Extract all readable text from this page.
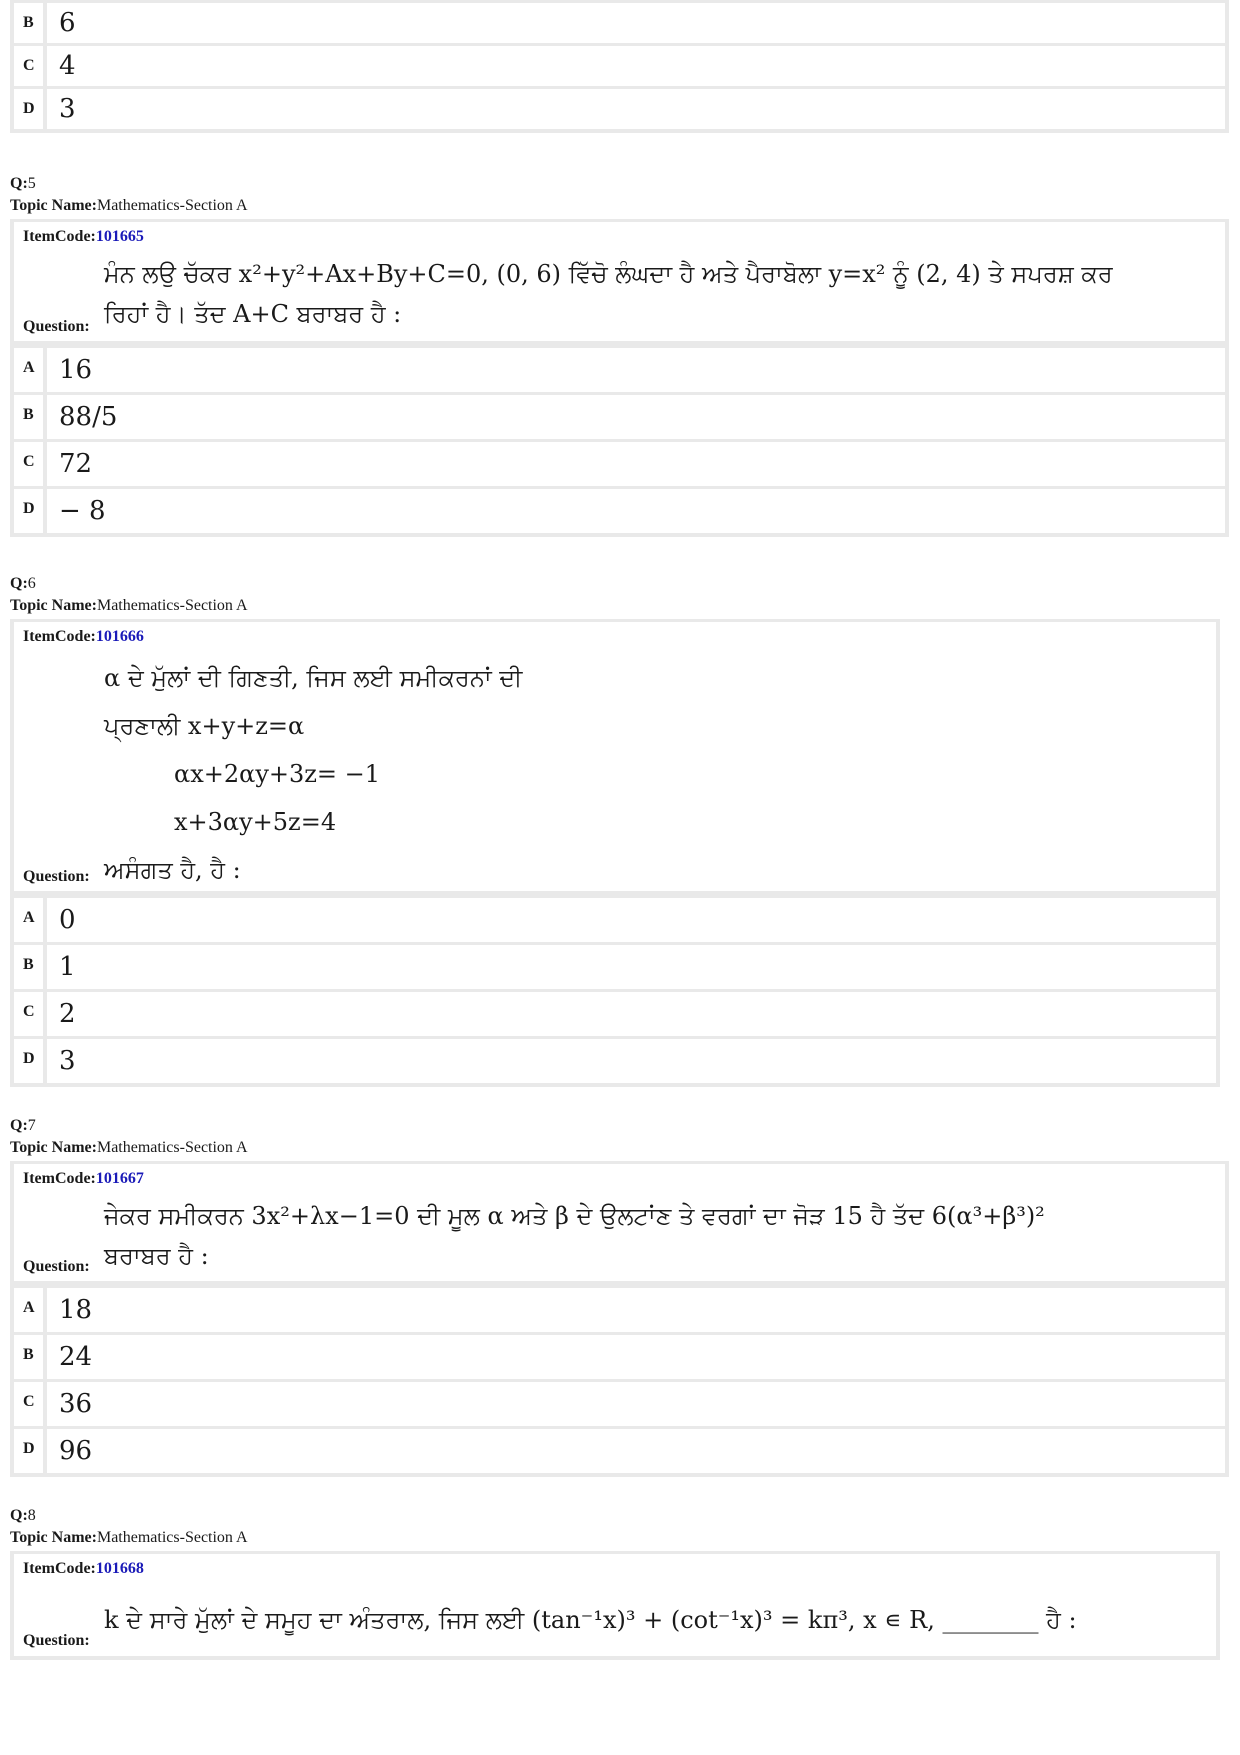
B 6
C 4
D 3
Q:5
Topic Name:Mathematics-Section A
ItemCode:101665
ਮੰਨ ਲਉ ਚੱਕਰ x²+y²+Ax+By+C=0, (0, 6) ਵਿੱਚੋ ਲੰਘਦਾ ਹੈ ਅਤੇ ਪੈਰਾਬੋਲਾ y=x² ਨੂੰ (2, 4) ਤੇ ਸਪਰਸ਼ ਕਰ
ਰਿਹਾਂ ਹੈ। ਤੱਦ A+C ਬਰਾਬਰ ਹੈ :
Question:
A 16
B 88/5
C 72
D − 8
Q:6
Topic Name:Mathematics-Section A
ItemCode:101666
α ਦੇ ਮੁੱਲਾਂ ਦੀ ਗਿਣਤੀ, ਜਿਸ ਲਈ ਸਮੀਕਰਨਾਂ ਦੀ
ਪ੍ਰਣਾਲੀ x+y+z=α
αx+2αy+3z= −1
x+3αy+5z=4
ਅਸੰਗਤ ਹੈ, ਹੈ :
Question:
A 0
B 1
C 2
D 3
Q:7
Topic Name:Mathematics-Section A
ItemCode:101667
ਜੇਕਰ ਸਮੀਕਰਨ 3x²+λx−1=0 ਦੀ ਮੂਲ α ਅਤੇ β ਦੇ ਉਲਟਾਂਣ ਤੇ ਵਰਗਾਂ ਦਾ ਜੋੜ 15 ਹੈ ਤੱਦ 6(α³+β³)²
ਬਰਾਬਰ ਹੈ :
Question:
A 18
B 24
C 36
D 96
Q:8
Topic Name:Mathematics-Section A
ItemCode:101668
k ਦੇ ਸਾਰੇ ਮੁੱਲਾਂ ਦੇ ਸਮੂਹ ਦਾ ਅੰਤਰਾਲ, ਜਿਸ ਲਈ (tan⁻¹x)³ + (cot⁻¹x)³ = kπ³, x ∊ R, ________ ਹੈ :
Question:
